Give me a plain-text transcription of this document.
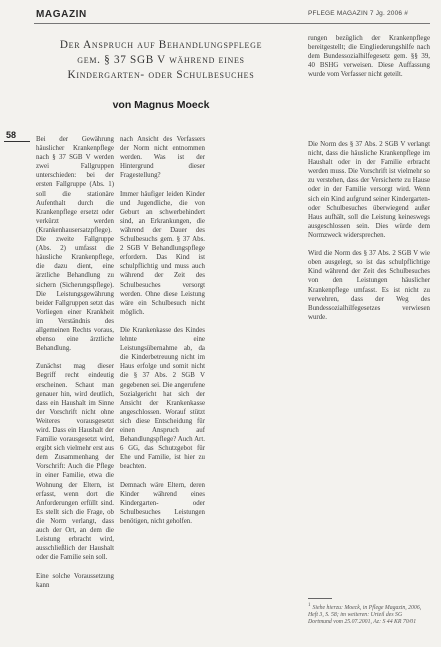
MAGAZIN	PFLEGE MAGAZIN 7 Jg. 2006 #
Der Anspruch auf Behandlungspflege
gem. § 37 SGB V während eines
Kindergarten- oder Schulbesuches
von Magnus Moeck
58	Bei der Gewährung häuslicher Krankenpflege nach § 37 SGB V werden zwei Fallgruppen unterschieden: bei der ersten Fallgruppe (Abs. 1) soll die stationäre Aufenthalt durch die Krankenpflege ersetzt oder verkürzt werden (Krankenhausersatzpflege). Die zweite Fallgruppe (Abs. 2) umfasst die häusliche Krankenpflege, die dazu dient, eine ärztliche Behandlung zu sichern (Sicherungspflege). Die Leistungsgewährung beider Fallgruppen setzt das Vorliegen einer Krankheit im Verständnis des allgemeinen Rechts voraus, ebenso eine ärztliche Behandlung.

Zunächst mag dieser Begriff recht eindeutig erscheinen. Schaut man genauer hin, wird deutlich, dass ein Haushalt im Sinne der Vorschrift nicht ohne Weiteres vorausgesetzt wird. Dass ein Haushalt der Familie vorausgesetzt wird, ergibt sich vielmehr erst aus dem Zusammenhang der Vorschrift: Auch die Pflege in einer Familie, etwa die Wohnung der Eltern, ist erfasst, wenn dort die Anforderungen erfüllt sind. Es stellt sich die Frage, ob die Norm verlangt, dass auch der Ort, an dem die Leistung erbracht wird, ausschließlich der Haushalt oder die Familie sein soll.

Eine solche Voraussetzung kann

nach Ansicht des Verfassers der Norm nicht entnommen werden. Was ist der Hintergrund dieser Fragestellung?

Immer häufiger leiden Kinder und Jugendliche, die von Geburt an schwerbehindert sind, an Erkrankungen, die während der Dauer des Schulbesuchs gem. § 37 Abs. 2 SGB V Behandlungspflege erfordern. Das Kind ist schulpflichtig und muss auch während der Zeit des Schulbesuches versorgt werden. Ohne diese Leistung wäre ein Schulbesuch nicht möglich.

Die Krankenkasse des Kindes lehnte eine Leistungsübernahme ab, da die Kinderbetreuung nicht im Haus erfolge und somit nicht die § 37 Abs. 2 SGB V gegebenen sei. Die angerufene Sozialgericht hat sich der Ansicht der Krankenkasse angeschlossen. Worauf stützt sich diese Entscheidung für einen Anspruch auf Behandlungspflege? Auch Art. 6 GG, das Schutzgebot für Ehe und Familie, ist hier zu beachten.

Demnach wäre Eltern, deren Kinder während eines Kindergarten- oder Schulbesuches Leistungen benötigen, nicht geholfen.

rungen bezüglich der Krankenpflege bereitgestellt; die Eingliederungshilfe nach dem Bundessozialhilfegesetz gem. §§ 39, 40 BSHG verweisen. Diese Auffassung wurde vom Verfasser nicht geteilt.

Die Norm des § 37 Abs. 2 SGB V verlangt nicht, dass die häusliche Krankenpflege im Haushalt oder in der Familie erbracht werden muss. Die Vorschrift ist vielmehr so zu verstehen, dass der Versicherte zu Hause oder in der Familie versorgt wird. Wenn sich ein Kind aufgrund seiner Kindergarten- oder Schulbesuches überwiegend außer Haus aufhält, soll die Leistung keineswegs ausgeschlossen sein. Dies würde dem Normzweck widersprechen.

Wird die Norm des § 37 Abs. 2 SGB V wie oben ausgelegt, so ist das schulpflichtige Kind während der Zeit des Schulbesuches von den Leistungen häuslicher Krankenpflege umfasst. Es ist nicht zu verwehren, dass der Weg des Bundessozialhilfegesetzes verwiesen wurde.

1 Siehe hierzu: Moeck, in Pflege Magazin, 2006, Heft 3, S. 58; im weiteren: Urteil des SG Dortmund vom 25.07.2001, Az: S 44 KR 70/01
